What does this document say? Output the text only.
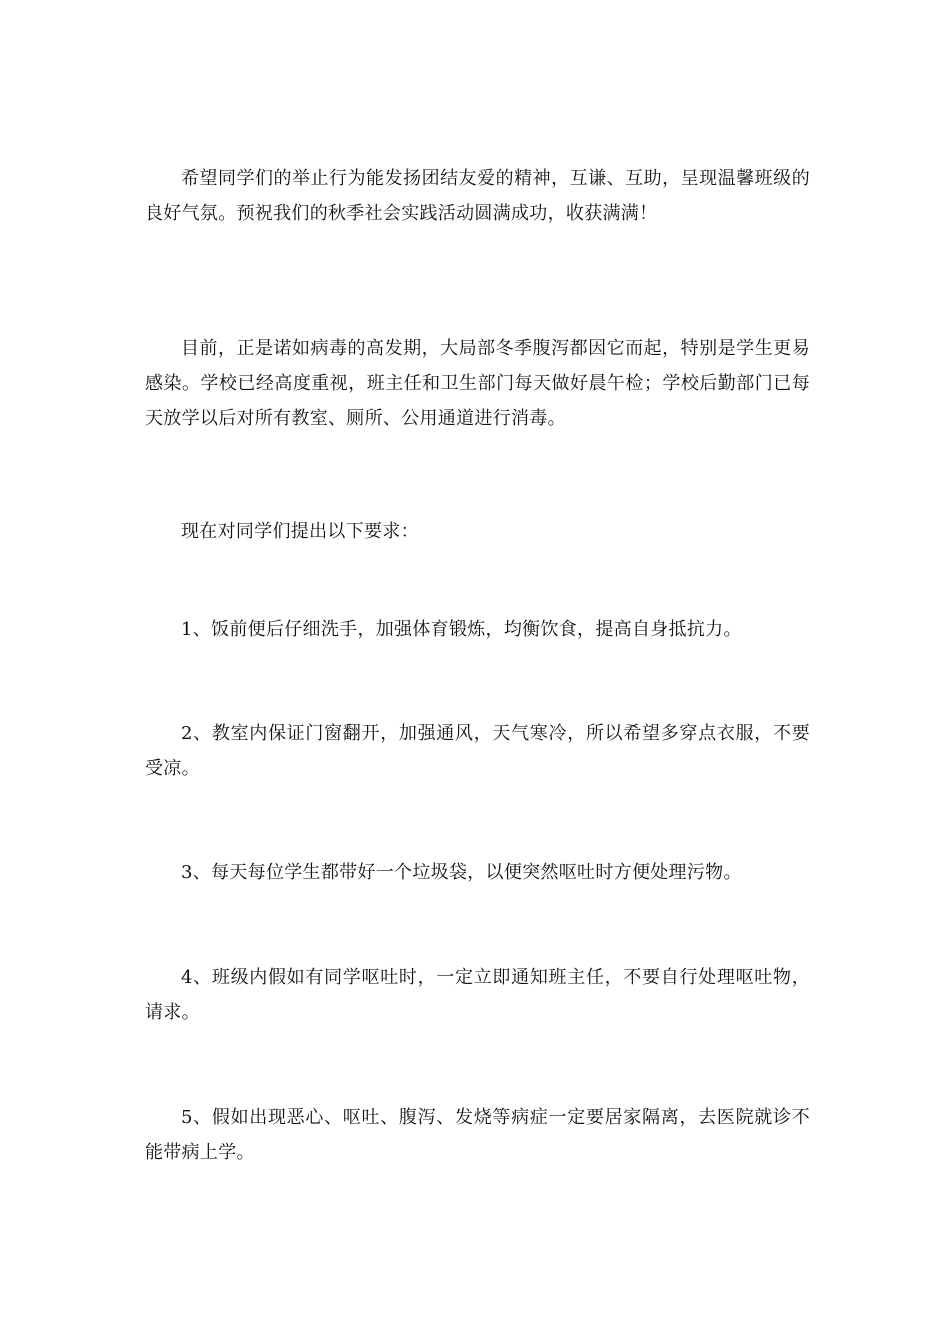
希望同学们的举止行为能发扬团结友爱的精神，互谦、互助，呈现温馨班级的良好气氛。预祝我们的秋季社会实践活动圆满成功，收获满满！

目前，正是诺如病毒的高发期，大局部冬季腹泻都因它而起，特别是学生更易感染。学校已经高度重视，班主任和卫生部门每天做好晨午检；学校后勤部门已每天放学以后对所有教室、厕所、公用通道进行消毒。

现在对同学们提出以下要求：

1、饭前便后仔细洗手，加强体育锻炼，均衡饮食，提高自身抵抗力。

2、教室内保证门窗翻开，加强通风，天气寒冷，所以希望多穿点衣服，不要受凉。

3、每天每位学生都带好一个垃圾袋，以便突然呕吐时方便处理污物。

4、班级内假如有同学呕吐时，一定立即通知班主任，不要自行处理呕吐物，请求。

5、假如出现恶心、呕吐、腹泻、发烧等病症一定要居家隔离，去医院就诊不能带病上学。
